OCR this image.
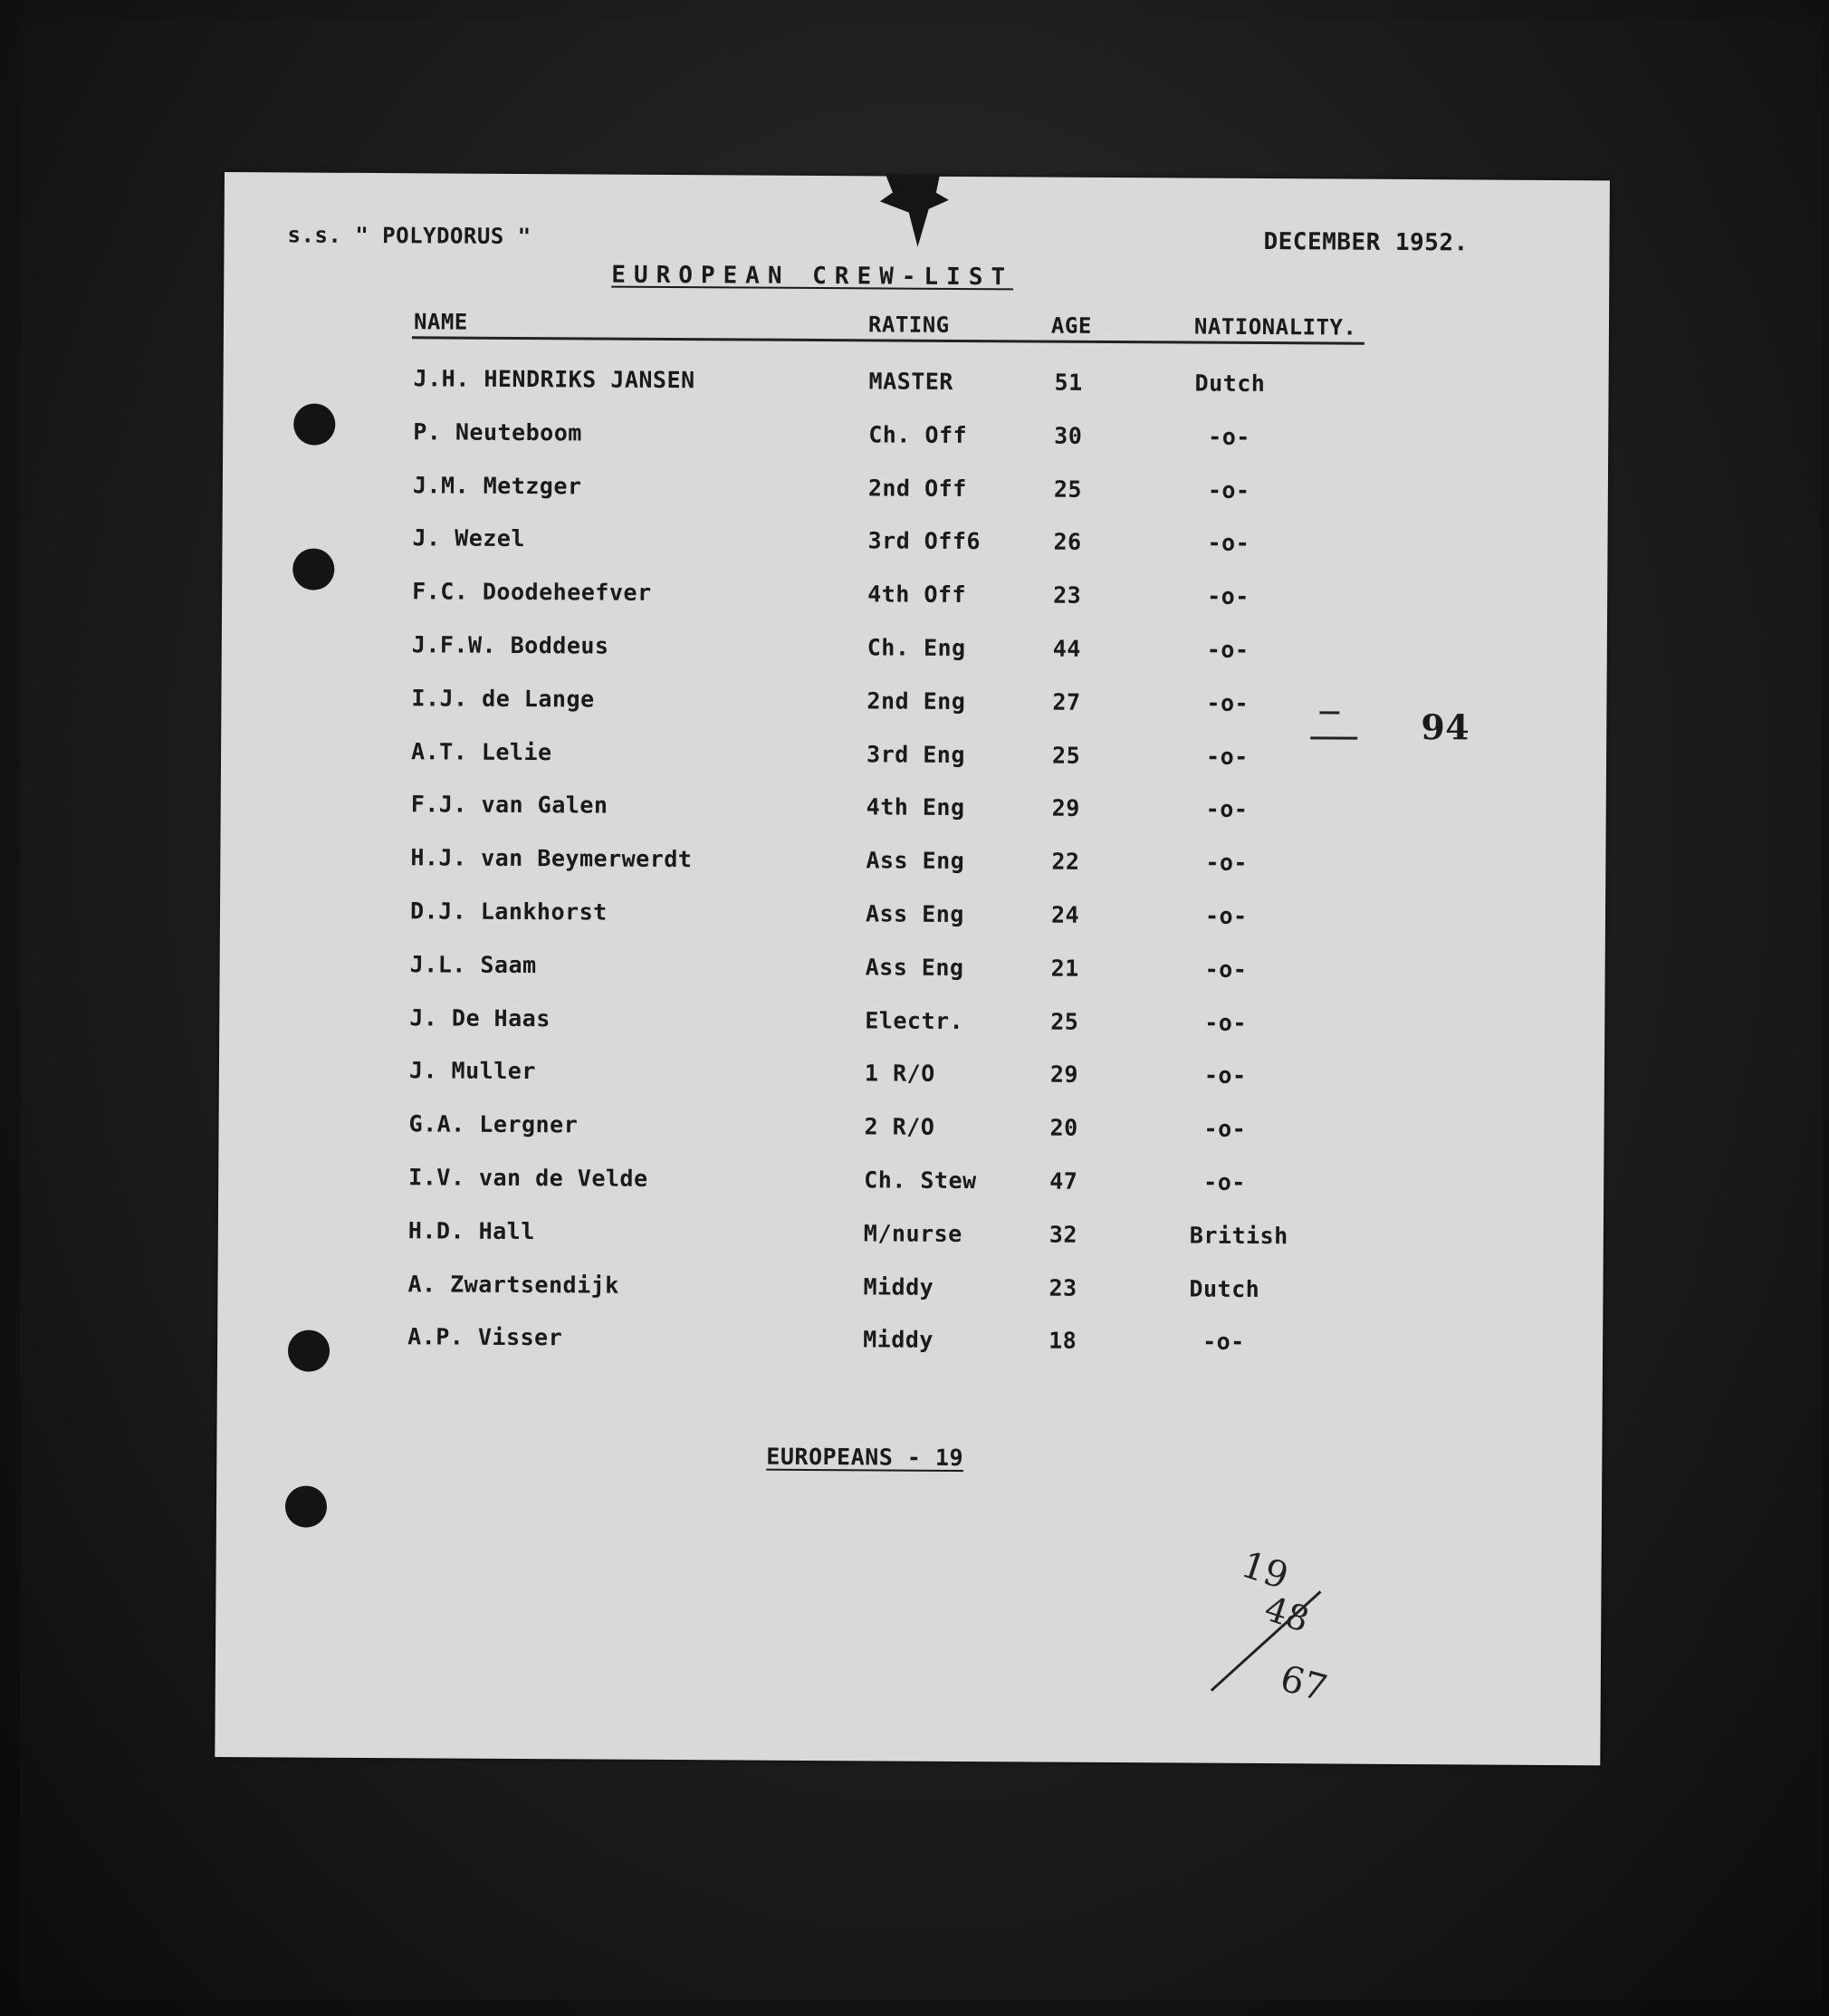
s.s. " POLYDORUS "	DECEMBER 1952.
EUROPEAN CREW-LIST
NAME	RATING	AGE	NATIONALITY.
J.H. HENDRIKS JANSEN	MASTER	51	Dutch
P. Neuteboom	Ch. Off	30	-o-
J.M. Metzger	2nd Off	25	-o-
J. Wezel	3rd Off6	26	-o-
F.C. Doodeheefver	4th Off	23	-o-
J.F.W. Boddeus	Ch. Eng	44	-o-
I.J. de Lange	2nd Eng	27	-o-
A.T. Lelie	3rd Eng	25	-o-
F.J. van Galen	4th Eng	29	-o-
H.J. van Beymerwerdt	Ass Eng	22	-o-
D.J. Lankhorst	Ass Eng	24	-o-
J.L. Saam	Ass Eng	21	-o-
J. De Haas	Electr.	25	-o-
J. Muller	1 R/O	29	-o-
G.A. Lergner	2 R/O	20	-o-
I.V. van de Velde	Ch. Stew	47	-o-
H.D. Hall	M/nurse	32	British
A. Zwartsendijk	Middy	23	Dutch
A.P. Visser	Middy	18	-o-
94
EUROPEANS - 19
19
48
67
